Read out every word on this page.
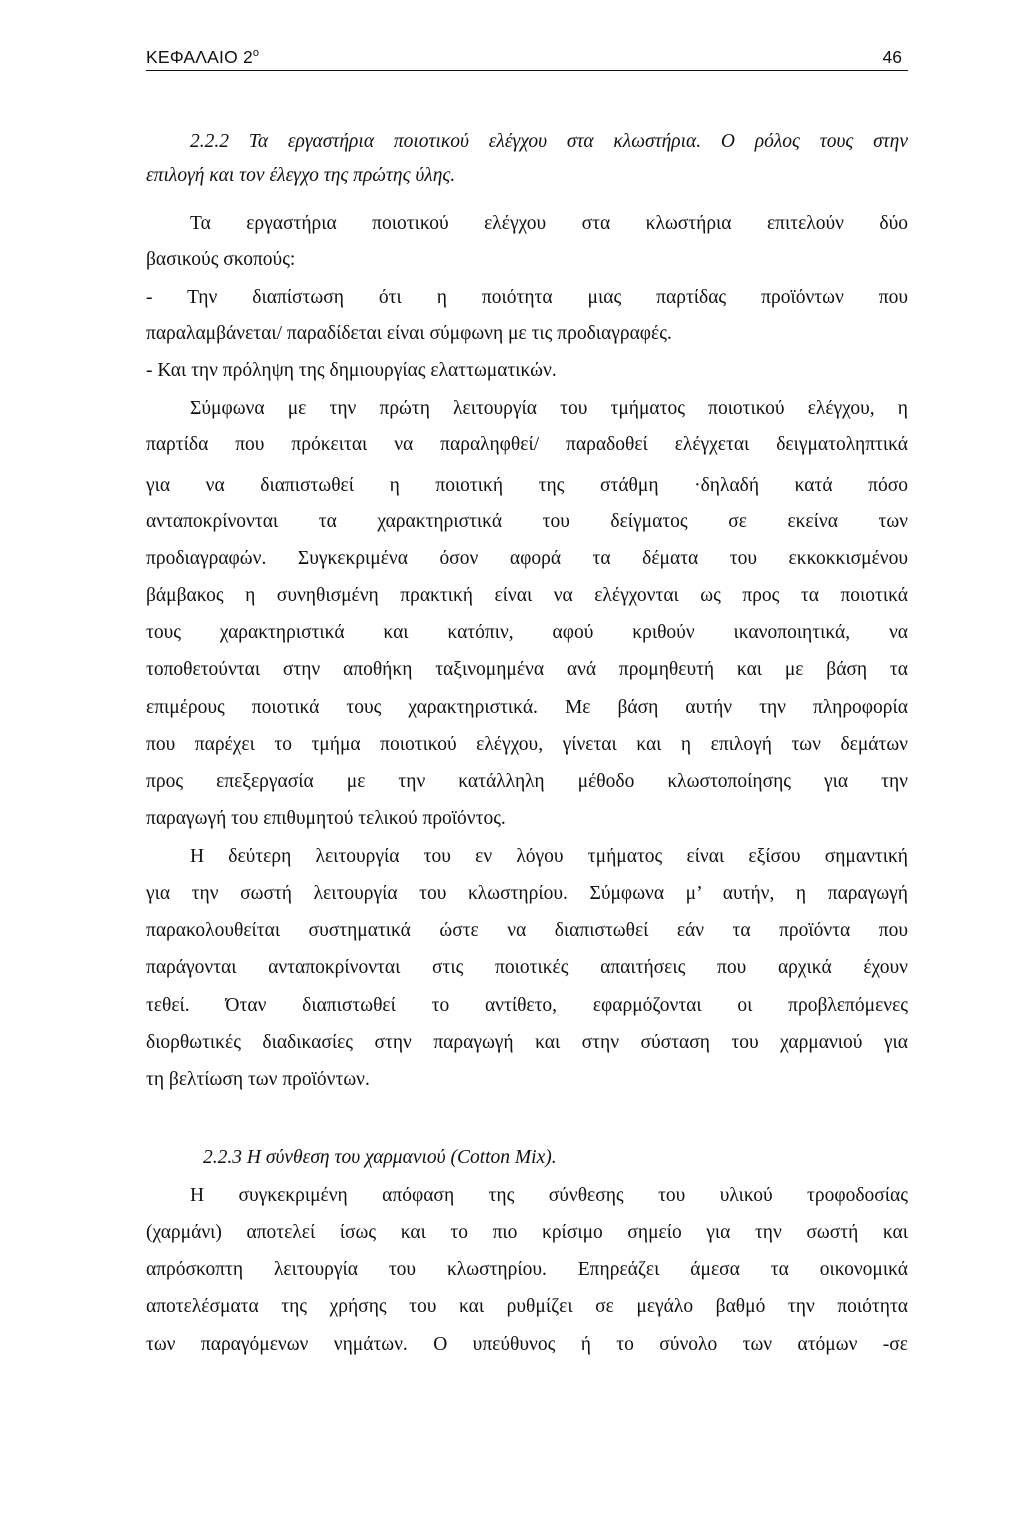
ΚΕΦΑΛΑΙΟ $2^o$	46
2.2.2 Τα εργαστήρια ποιοτικού ελέγχου στα κλωστήρια. Ο ρόλος τους στην
επιλογή και τον έλεγχο της πρώτης ύλης.
Τα εργαστήρια ποιοτικού ελέγχου στα κλωστήρια επιτελούν δύο
βασικούς σκοπούς:
- Την διαπίστωση ότι η ποιότητα μιας παρτίδας προϊόντων που
παραλαμβάνεται/ παραδίδεται είναι σύμφωνη με τις προδιαγραφές.
- Και την πρόληψη της δημιουργίας ελαττωματικών.
Σύμφωνα με την πρώτη λειτουργία του τμήματος ποιοτικού ελέγχου, η
παρτίδα που πρόκειται να παραληφθεί/ παραδοθεί ελέγχεται δειγματοληπτικά
για να διαπιστωθεί η ποιοτική της στάθμη ·δηλαδή κατά πόσο
ανταποκρίνονται τα χαρακτηριστικά του δείγματος σε εκείνα των
προδιαγραφών. Συγκεκριμένα όσον αφορά τα δέματα του εκκοκκισμένου
βάμβακος η συνηθισμένη πρακτική είναι να ελέγχονται ως προς τα ποιοτικά
τους χαρακτηριστικά και κατόπιν, αφού κριθούν ικανοποιητικά, να
τοποθετούνται στην αποθήκη ταξινομημένα ανά προμηθευτή και με βάση τα
επιμέρους ποιοτικά τους χαρακτηριστικά. Με βάση αυτήν την πληροφορία
που παρέχει το τμήμα ποιοτικού ελέγχου, γίνεται και η επιλογή των δεμάτων
προς επεξεργασία με την κατάλληλη μέθοδο κλωστοποίησης για την
παραγωγή του επιθυμητού τελικού προϊόντος.
Η δεύτερη λειτουργία του εν λόγου τμήματος είναι εξίσου σημαντική
για την σωστή λειτουργία του κλωστηρίου. Σύμφωνα μ’ αυτήν, η παραγωγή
παρακολουθείται συστηματικά ώστε να διαπιστωθεί εάν τα προϊόντα που
παράγονται ανταποκρίνονται στις ποιοτικές απαιτήσεις που αρχικά έχουν
τεθεί. Όταν διαπιστωθεί το αντίθετο, εφαρμόζονται οι προβλεπόμενες
διορθωτικές διαδικασίες στην παραγωγή και στην σύσταση του χαρμανιού για
τη βελτίωση των προϊόντων.
2.2.3 Η σύνθεση του χαρμανιού (Cotton Mix).
Η συγκεκριμένη απόφαση της σύνθεσης του υλικού τροφοδοσίας
(χαρμάνι) αποτελεί ίσως και το πιο κρίσιμο σημείο για την σωστή και
απρόσκοπτη λειτουργία του κλωστηρίου. Επηρεάζει άμεσα τα οικονομικά
αποτελέσματα της χρήσης του και ρυθμίζει σε μεγάλο βαθμό την ποιότητα
των παραγόμενων νημάτων. Ο υπεύθυνος ή το σύνολο των ατόμων -σε
